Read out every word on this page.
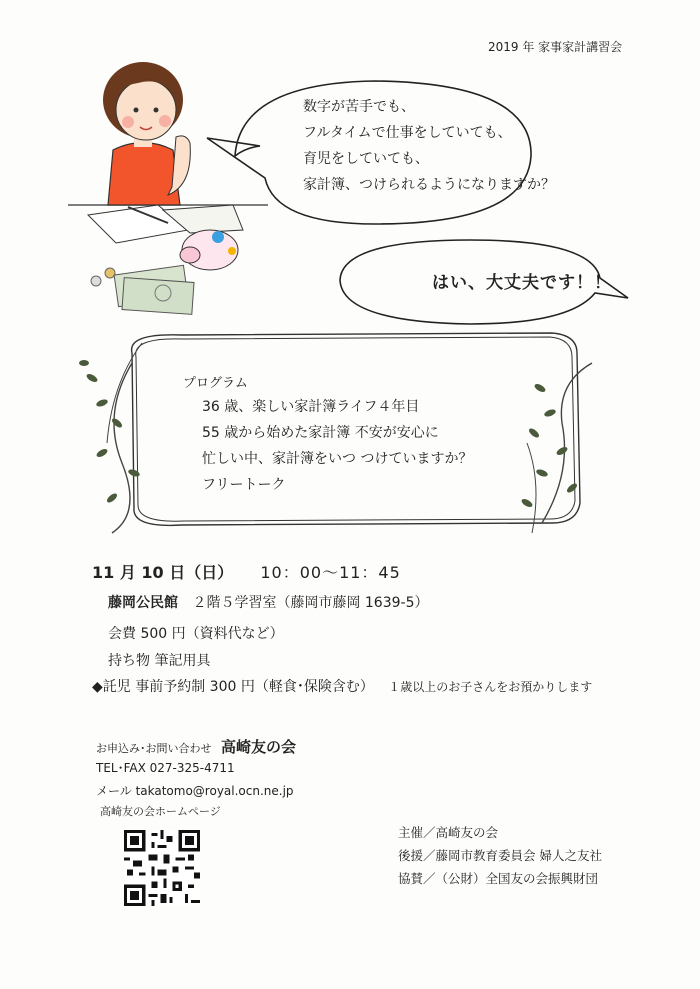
2019 年 家事家計講習会
数字が苦手でも、
フルタイムで仕事をしていても、
育児をしていても、
家計簿、つけられるようになりますか？
はい、大丈夫です！！
プログラム
36 歳、楽しい家計簿ライフ４年目
55 歳から始めた家計簿 不安が安心に
忙しい中、家計簿をいつ つけていますか？
フリートーク
11 月 10 日（日） 10：00〜11：45
藤岡公民館 ２階５学習室（藤岡市藤岡 1639-5）
会費 500 円（資料代など）
持ち物 筆記用具
◆託児 事前予約制 300 円（軽食･保険含む） １歳以上のお子さんをお預かりします
お申込み･お問い合わせ 高崎友の会
TEL･FAX 027-325-4711
メール takatomo@royal.ocn.ne.jp
高崎友の会ホームページ
主催／高崎友の会
後援／藤岡市教育委員会 婦人之友社
協賛／（公財）全国友の会振興財団
